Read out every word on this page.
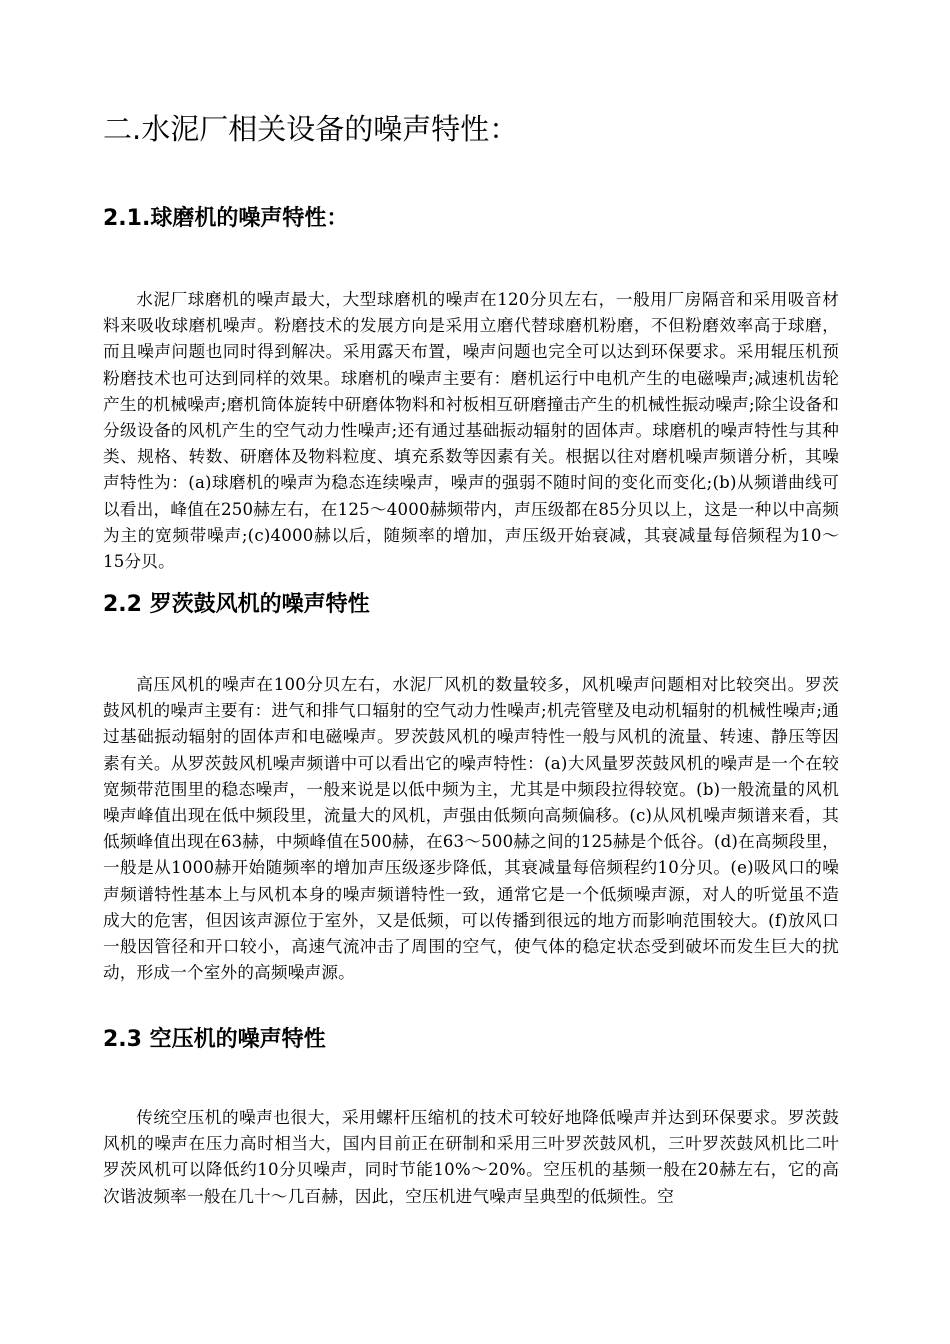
二.水泥厂相关设备的噪声特性：
2.1.球磨机的噪声特性：

水泥厂球磨机的噪声最大，大型球磨机的噪声在120分贝左右，一般用厂房隔音和采用吸音材料来吸收球磨机噪声。粉磨技术的发展方向是采用立磨代替球磨机粉磨，不但粉磨效率高于球磨，而且噪声问题也同时得到解决。采用露天布置，噪声问题也完全可以达到环保要求。采用辊压机预粉磨技术也可达到同样的效果。球磨机的噪声主要有：磨机运行中电机产生的电磁噪声;减速机齿轮产生的机械噪声;磨机筒体旋转中研磨体物料和衬板相互研磨撞击产生的机械性振动噪声;除尘设备和分级设备的风机产生的空气动力性噪声;还有通过基础振动辐射的固体声。球磨机的噪声特性与其种类、规格、转数、研磨体及物料粒度、填充系数等因素有关。根据以往对磨机噪声频谱分析，其噪声特性为：(a)球磨机的噪声为稳态连续噪声，噪声的强弱不随时间的变化而变化;(b)从频谱曲线可以看出，峰值在250赫左右，在125～4000赫频带内，声压级都在85分贝以上，这是一种以中高频为主的宽频带噪声;(c)4000赫以后，随频率的增加，声压级开始衰减，其衰减量每倍频程为10～15分贝。

2.2 罗茨鼓风机的噪声特性

高压风机的噪声在100分贝左右，水泥厂风机的数量较多，风机噪声问题相对比较突出。罗茨鼓风机的噪声主要有：进气和排气口辐射的空气动力性噪声;机壳管壁及电动机辐射的机械性噪声;通过基础振动辐射的固体声和电磁噪声。罗茨鼓风机的噪声特性一般与风机的流量、转速、静压等因素有关。从罗茨鼓风机噪声频谱中可以看出它的噪声特性：(a)大风量罗茨鼓风机的噪声是一个在较宽频带范围里的稳态噪声，一般来说是以低中频为主，尤其是中频段拉得较宽。(b)一般流量的风机噪声峰值出现在低中频段里，流量大的风机，声强由低频向高频偏移。(c)从风机噪声频谱来看，其低频峰值出现在63赫，中频峰值在500赫，在63～500赫之间的125赫是个低谷。(d)在高频段里，一般是从1000赫开始随频率的增加声压级逐步降低，其衰减量每倍频程约10分贝。(e)吸风口的噪声频谱特性基本上与风机本身的噪声频谱特性一致，通常它是一个低频噪声源，对人的听觉虽不造成大的危害，但因该声源位于室外，又是低频，可以传播到很远的地方而影响范围较大。(f)放风口一般因管径和开口较小，高速气流冲击了周围的空气，使气体的稳定状态受到破坏而发生巨大的扰动，形成一个室外的高频噪声源。

2.3 空压机的噪声特性

传统空压机的噪声也很大，采用螺杆压缩机的技术可较好地降低噪声并达到环保要求。罗茨鼓风机的噪声在压力高时相当大，国内目前正在研制和采用三叶罗茨鼓风机，三叶罗茨鼓风机比二叶罗茨风机可以降低约10分贝噪声，同时节能10%～20%。空压机的基频一般在20赫左右，它的高次谐波频率一般在几十～几百赫，因此，空压机进气噪声呈典型的低频性。空
